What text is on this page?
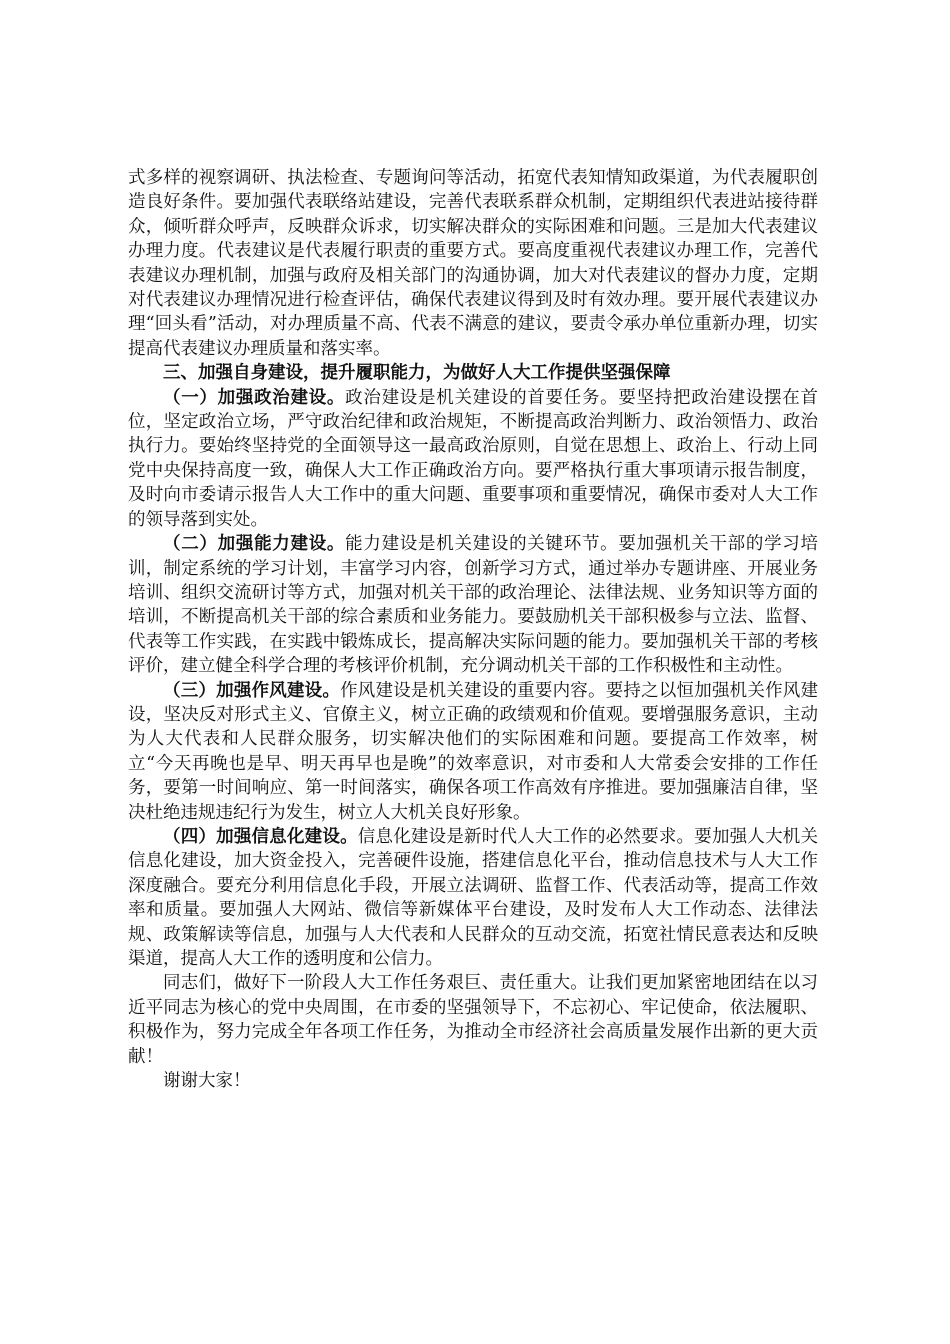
式多样的视察调研、执法检查、专题询问等活动，拓宽代表知情知政渠道，为代表履职创造良好条件。要加强代表联络站建设，完善代表联系群众机制，定期组织代表进站接待群众，倾听群众呼声，反映群众诉求，切实解决群众的实际困难和问题。三是加大代表建议办理力度。代表建议是代表履行职责的重要方式。要高度重视代表建议办理工作，完善代表建议办理机制，加强与政府及相关部门的沟通协调，加大对代表建议的督办力度，定期对代表建议办理情况进行检查评估，确保代表建议得到及时有效办理。要开展代表建议办理“回头看”活动，对办理质量不高、代表不满意的建议，要责令承办单位重新办理，切实提高代表建议办理质量和落实率。

三、加强自身建设，提升履职能力，为做好人大工作提供坚强保障

（一）加强政治建设。政治建设是机关建设的首要任务。要坚持把政治建设摆在首位，坚定政治立场，严守政治纪律和政治规矩，不断提高政治判断力、政治领悟力、政治执行力。要始终坚持党的全面领导这一最高政治原则，自觉在思想上、政治上、行动上同党中央保持高度一致，确保人大工作正确政治方向。要严格执行重大事项请示报告制度，及时向市委请示报告人大工作中的重大问题、重要事项和重要情况，确保市委对人大工作的领导落到实处。

（二）加强能力建设。能力建设是机关建设的关键环节。要加强机关干部的学习培训，制定系统的学习计划，丰富学习内容，创新学习方式，通过举办专题讲座、开展业务培训、组织交流研讨等方式，加强对机关干部的政治理论、法律法规、业务知识等方面的培训，不断提高机关干部的综合素质和业务能力。要鼓励机关干部积极参与立法、监督、代表等工作实践，在实践中锻炼成长，提高解决实际问题的能力。要加强机关干部的考核评价，建立健全科学合理的考核评价机制，充分调动机关干部的工作积极性和主动性。

（三）加强作风建设。作风建设是机关建设的重要内容。要持之以恒加强机关作风建设，坚决反对形式主义、官僚主义，树立正确的政绩观和价值观。要增强服务意识，主动为人大代表和人民群众服务，切实解决他们的实际困难和问题。要提高工作效率，树立“今天再晚也是早、明天再早也是晚”的效率意识，对市委和人大常委会安排的工作任务，要第一时间响应、第一时间落实，确保各项工作高效有序推进。要加强廉洁自律，坚决杜绝违规违纪行为发生，树立人大机关良好形象。

（四）加强信息化建设。信息化建设是新时代人大工作的必然要求。要加强人大机关信息化建设，加大资金投入，完善硬件设施，搭建信息化平台，推动信息技术与人大工作深度融合。要充分利用信息化手段，开展立法调研、监督工作、代表活动等，提高工作效率和质量。要加强人大网站、微信等新媒体平台建设，及时发布人大工作动态、法律法规、政策解读等信息，加强与人大代表和人民群众的互动交流，拓宽社情民意表达和反映渠道，提高人大工作的透明度和公信力。

同志们，做好下一阶段人大工作任务艰巨、责任重大。让我们更加紧密地团结在以习近平同志为核心的党中央周围，在市委的坚强领导下，不忘初心、牢记使命，依法履职、积极作为，努力完成全年各项工作任务，为推动全市经济社会高质量发展作出新的更大贡献！

谢谢大家！
